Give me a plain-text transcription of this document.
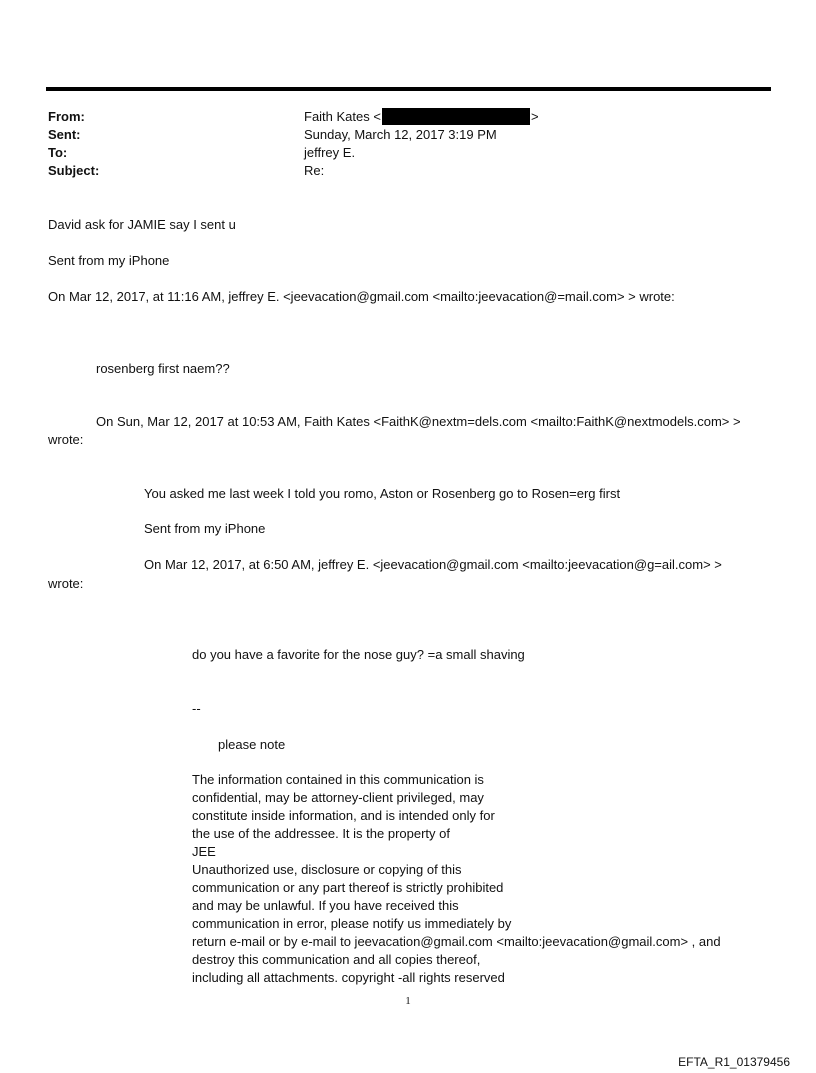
From:	Faith Kates <	>
Sent:	Sunday, March 12, 2017 3:19 PM
To:	jeffrey E.
Subject:	Re:
David ask for JAMIE say I sent u
Sent from my iPhone
On Mar 12, 2017, at 11:16 AM, jeffrey E. <jeevacation@gmail.com <mailto:jeevacation@=mail.com> > wrote:
rosenberg first naem??
On Sun, Mar 12, 2017 at 10:53 AM, Faith Kates <FaithK@nextm=dels.com <mailto:FaithK@nextmodels.com> >
wrote:
You asked me last week I told you romo, Aston or Rosenberg go to Rosen=erg first
Sent from my iPhone
On Mar 12, 2017, at 6:50 AM, jeffrey E. <jeevacation@gmail.com <mailto:jeevacation@g=ail.com> >
wrote:
do you have a favorite for the nose guy? =a small shaving
--
please note
The information contained in this communication is
confidential, may be attorney-client privileged, may
constitute inside information, and is intended only for
the use of the addressee. It is the property of
JEE
Unauthorized use, disclosure or copying of this
communication or any part thereof is strictly prohibited
and may be unlawful. If you have received this
communication in error, please notify us immediately by
return e-mail or by e-mail to jeevacation@gmail.com <mailto:jeevacation@gmail.com> , and
destroy this communication and all copies thereof,
including all attachments. copyright -all rights reserved
1
EFTA_R1_01379456
